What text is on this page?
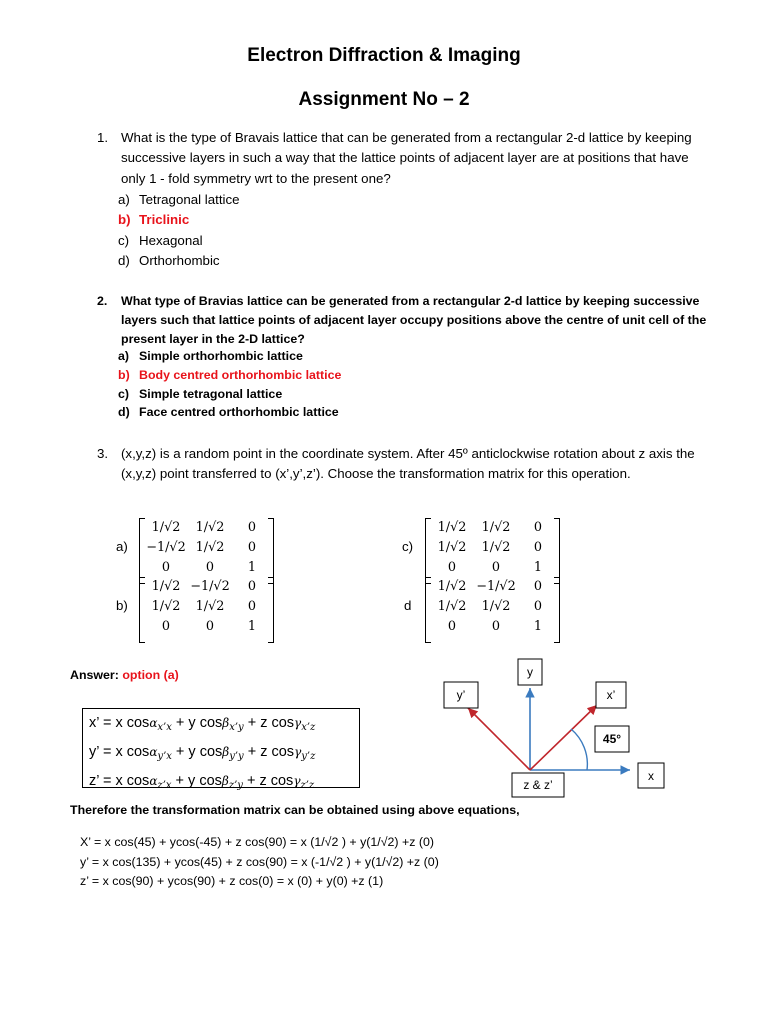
Electron Diffraction & Imaging
Assignment No – 2
1. What is the type of Bravais lattice that can be generated from a rectangular 2-d lattice by keeping successive layers in such a way that the lattice points of adjacent layer are at positions that have only 1 - fold symmetry wrt to the present one?
a) Tetragonal lattice
b) Triclinic
c) Hexagonal
d) Orthorhombic
2. What type of Bravias lattice can be generated from a rectangular 2-d lattice by keeping successive layers such that lattice points of adjacent layer occupy positions above the centre of unit cell of the present layer in the 2-D lattice?
a) Simple orthorhombic lattice
b) Body centred orthorhombic lattice
c) Simple tetragonal lattice
d) Face centred orthorhombic lattice
3. (x,y,z) is a random point in the coordinate system. After 45º anticlockwise rotation about z axis the (x,y,z) point transferred to (x’,y’,z’). Choose the transformation matrix for this operation.
a)
b)
c)
d
1/√2	1/√2	0
−1/√2 1/√2	0
0	0	1
1/√2 −1/√2	0
1/√2	1/√2	0
0	0	1
1/√2	1/√2	0
1/√2	1/√2	0
0	0	1
1/√2 −1/√2	0
1/√2	1/√2	0
0	0	1
Answer: option (a)
x’ = x cosα$_{x’x}$ + y cosβ$_{x’y}$ + z cosγ$_{x’z}$
y’ = x cosα$_{y’x}$ + y cosβ$_{y’y}$ + z cosγ$_{y’z}$
z’ = x cosα$_{z’x}$ + y cosβ$_{z’y}$ + z cosγ$_{z’z}$
y
y’	x’
45°
x
z & z’
Therefore the transformation matrix can be obtained using above equations,
X’ = x cos(45) + ycos(-45) + z cos(90) = x (1/√2 ) + y(1/√2) +z (0)
y’ = x cos(135) + ycos(45) + z cos(90) = x (-1/√2 ) + y(1/√2) +z (0)
z’ = x cos(90) + ycos(90) + z cos(0) = x (0) + y(0) +z (1)
